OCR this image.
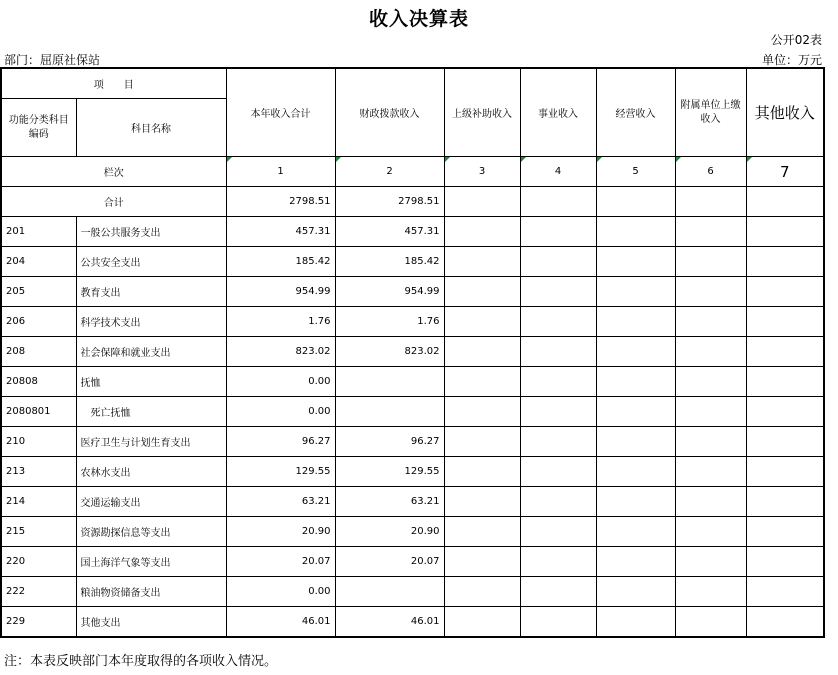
收入决算表
公开02表
部门：屈原社保站	单位：万元
项　　目		本年收入合计	财政拨款收入	上级补助收入	事业收入	经营收入	附属单位上缴收入	其他收入
功能分类科目编码	科目名称							
栏次		1	2	3	4	5	6	7
合计		2798.51	2798.51					
201	一般公共服务支出	457.31	457.31					
204	公共安全支出	185.42	185.42					
205	教育支出	954.99	954.99					
206	科学技术支出	1.76	1.76					
208	社会保障和就业支出	823.02	823.02					
20808	抚恤	0.00						
2080801	死亡抚恤	0.00						
210	医疗卫生与计划生育支出	96.27	96.27					
213	农林水支出	129.55	129.55					
214	交通运输支出	63.21	63.21					
215	资源勘探信息等支出	20.90	20.90					
220	国土海洋气象等支出	20.07	20.07					
222	粮油物资储备支出	0.00						
229	其他支出	46.01	46.01					
注：本表反映部门本年度取得的各项收入情况。
